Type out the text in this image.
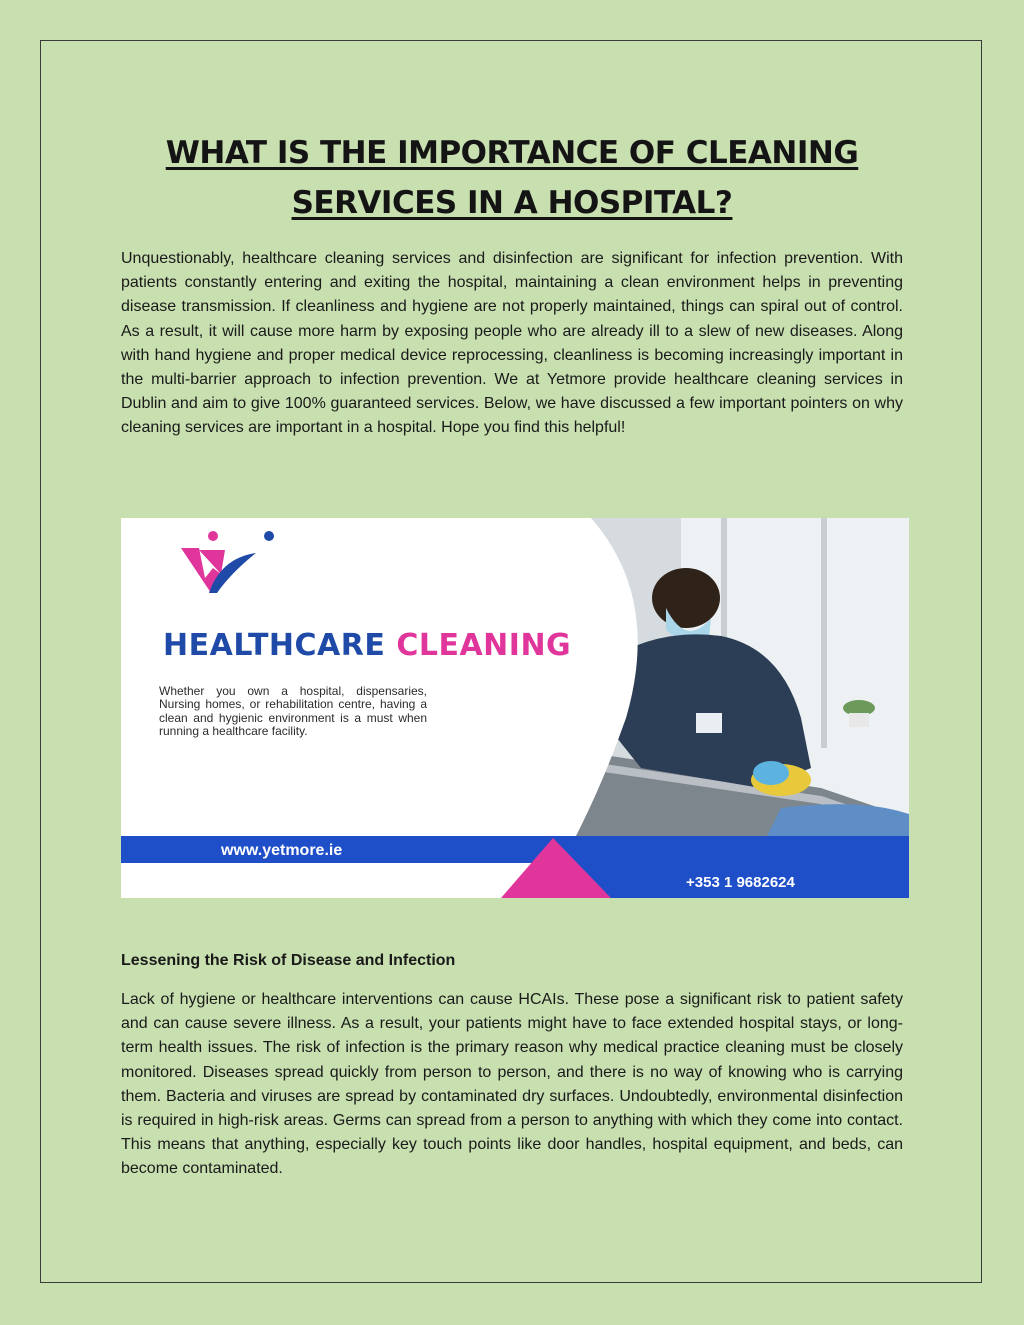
WHAT IS THE IMPORTANCE OF CLEANING SERVICES IN A HOSPITAL?

Unquestionably, healthcare cleaning services and disinfection are significant for infection prevention. With patients constantly entering and exiting the hospital, maintaining a clean environment helps in preventing disease transmission. If cleanliness and hygiene are not properly maintained, things can spiral out of control. As a result, it will cause more harm by exposing people who are already ill to a slew of new diseases. Along with hand hygiene and proper medical device reprocessing, cleanliness is becoming increasingly important in the multi-barrier approach to infection prevention. We at Yetmore provide healthcare cleaning services in Dublin and aim to give 100% guaranteed services. Below, we have discussed a few important pointers on why cleaning services are important in a hospital. Hope you find this helpful!

HEALTHCARE CLEANING

Whether you own a hospital, dispensaries, Nursing homes, or rehabilitation centre, having a clean and hygienic environment is a must when running a healthcare facility.

www.yetmore.ie
+353 1 9682624
Lessening the Risk of Disease and Infection

Lack of hygiene or healthcare interventions can cause HCAIs. These pose a significant risk to patient safety and can cause severe illness. As a result, your patients might have to face extended hospital stays, or long-term health issues. The risk of infection is the primary reason why medical practice cleaning must be closely monitored. Diseases spread quickly from person to person, and there is no way of knowing who is carrying them. Bacteria and viruses are spread by contaminated dry surfaces. Undoubtedly, environmental disinfection is required in high-risk areas. Germs can spread from a person to anything with which they come into contact. This means that anything, especially key touch points like door handles, hospital equipment, and beds, can become contaminated.
